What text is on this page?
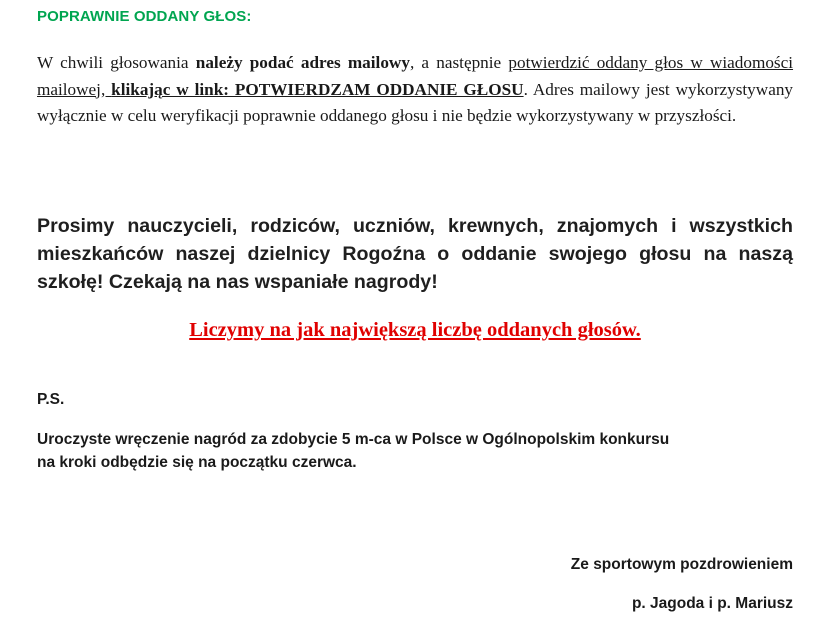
POPRAWNIE ODDANY GŁOS:

W chwili głosowania należy podać adres mailowy, a następnie potwierdzić oddany głos w wiadomości mailowej, klikając w link: POTWIERDZAM ODDANIE GŁOSU. Adres mailowy jest wykorzystywany wyłącznie w celu weryfikacji poprawnie oddanego głosu i nie będzie wykorzystywany w przyszłości.

Prosimy nauczycieli, rodziców, uczniów, krewnych, znajomych i wszystkich mieszkańców naszej dzielnicy Rogoźna o oddanie swojego głosu na naszą szkołę! Czekają na nas wspaniałe nagrody!

Liczymy na jak największą liczbę oddanych głosów.
P.S.

Uroczyste wręczenie nagród za zdobycie 5 m-ca w Polsce w Ogólnopolskim konkursu
na kroki odbędzie się na początku czerwca.

Ze sportowym pozdrowieniem
p. Jagoda i p. Mariusz
